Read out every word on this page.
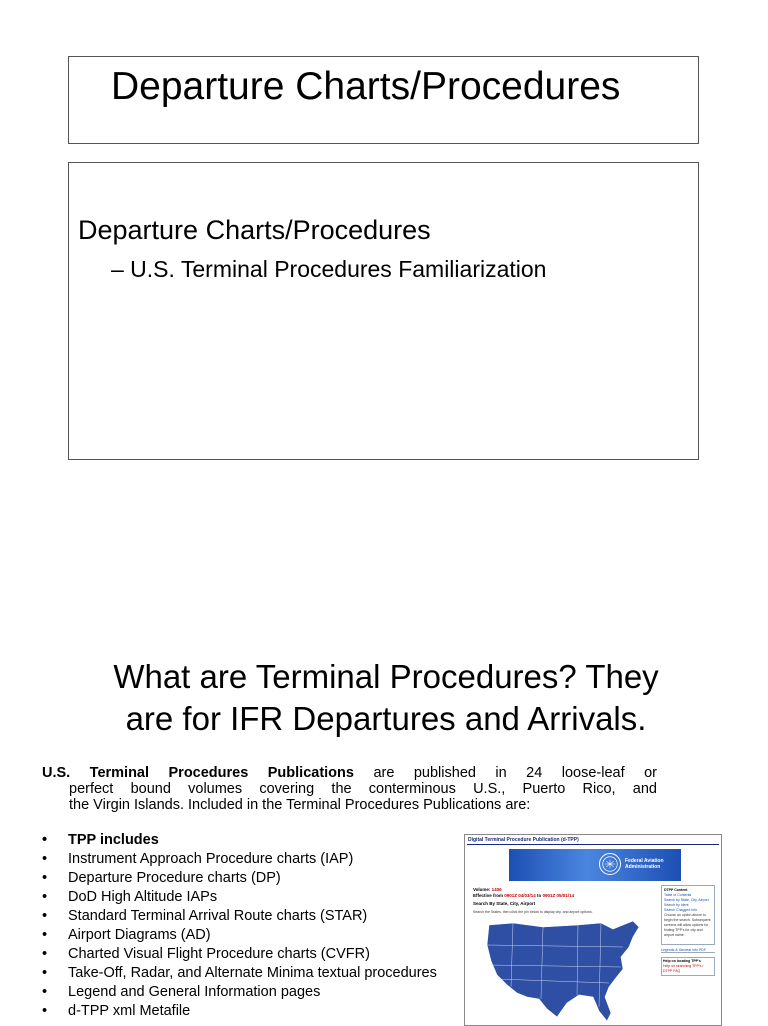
Departure Charts/Procedures
Departure Charts/Procedures
– U.S. Terminal Procedures Familiarization
What are Terminal Procedures? They
are for IFR Departures and Arrivals.
U.S. Terminal Procedures Publications are published in 24 loose-leaf or
perfect bound volumes covering the conterminous U.S., Puerto Rico, and
the Virgin Islands. Included in the Terminal Procedures Publications are:
• TPP includes
• Instrument Approach Procedure charts (IAP)
• Departure Procedure charts (DP)
• DoD High Altitude IAPs
• Standard Terminal Arrival Route charts (STAR)
• Airport Diagrams (AD)
• Charted Visual Flight Procedure charts (CVFR)
• Take-Off, Radar, and Alternate Minima textual procedures
• Legend and General Information pages
• d-TPP xml Metafile
Digital Terminal Procedure Publication (d-TPP)
Federal Aviation
Administration
Volume: 1406
Effective from 0901Z 04/03/14 to 0901Z 05/01/14
Search By State, City, Airport
Search the States, then click the pin below to display city, and airport options.
DTPP Content
Table of Contents
Search by State, City, Airport
Search by Ident
Search Chagged Info
Choose an option above to begin the search. Subsequent screens will allow options for finding TPP's for city and airport name.
Legends & General Info PDF
Help on locating TPP's
Help on searching TPP's / DTPP FAQ
